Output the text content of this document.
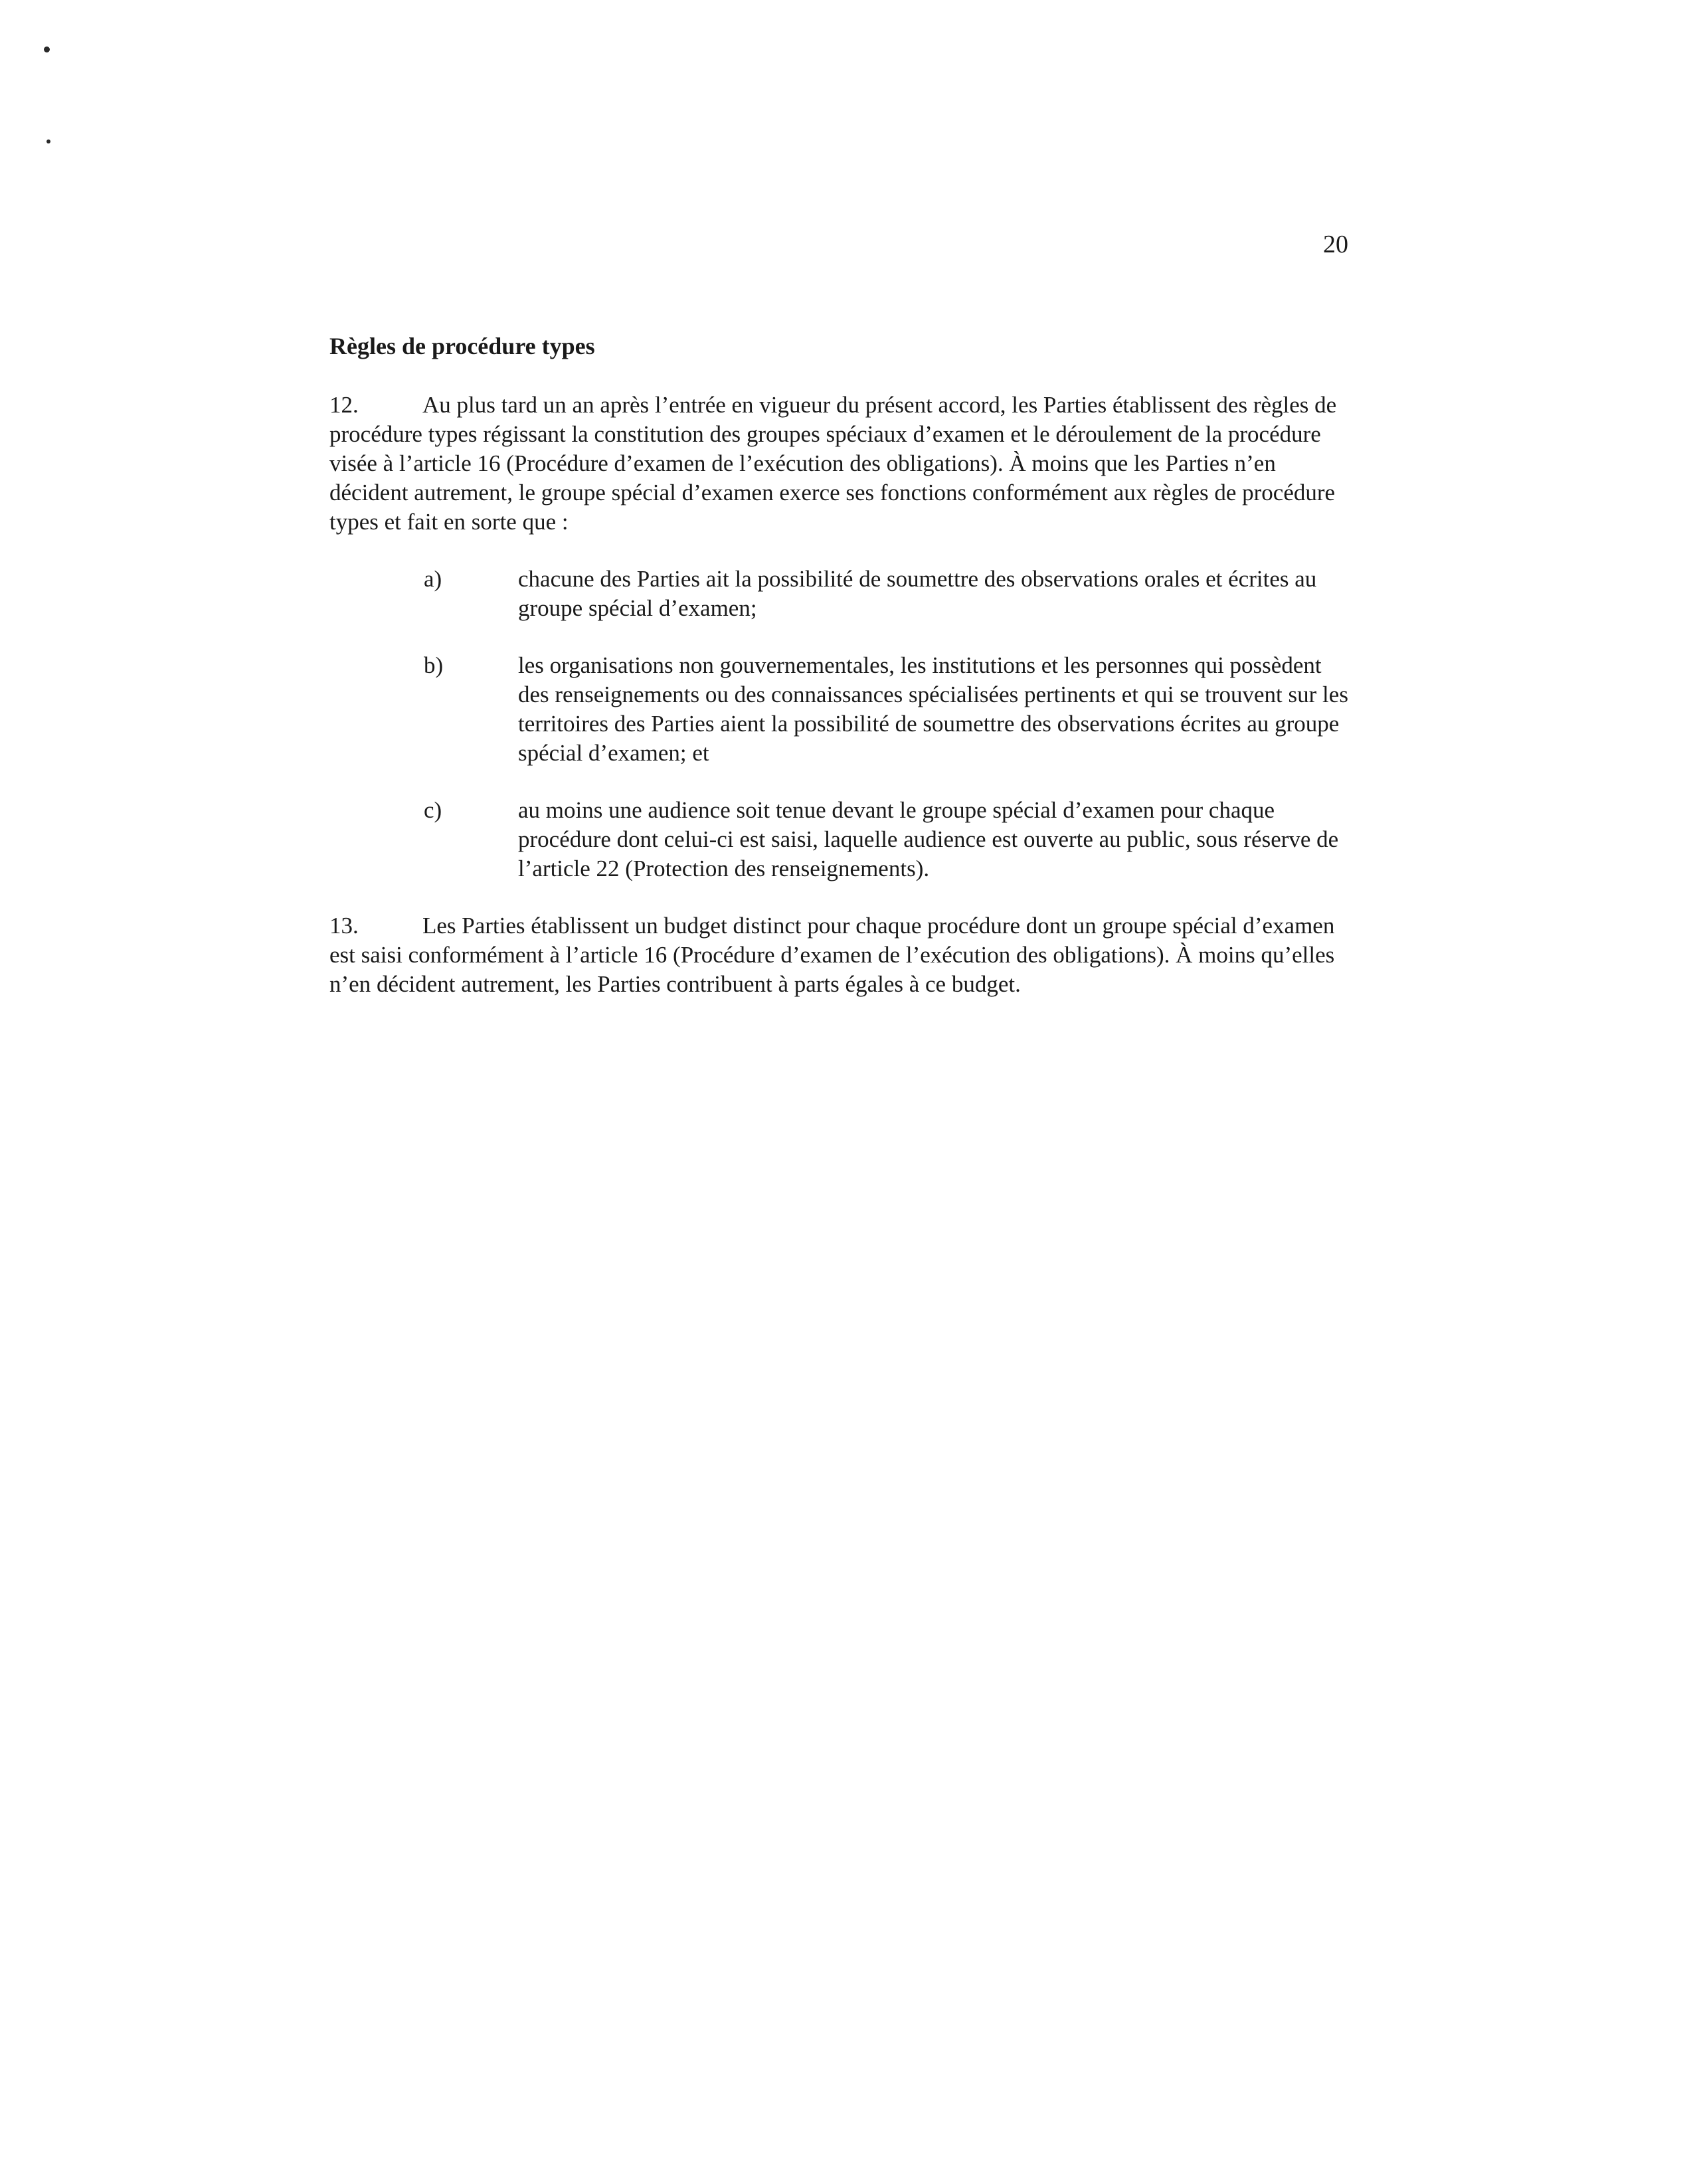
20
Règles de procédure types

12.	Au plus tard un an après l’entrée en vigueur du présent accord, les Parties établissent des règles de procédure types régissant la constitution des groupes spéciaux d’examen et le déroulement de la procédure visée à l’article 16 (Procédure d’examen de l’exécution des obligations). À moins que les Parties n’en décident autrement, le groupe spécial d’examen exerce ses fonctions conformément aux règles de procédure types et fait en sorte que :

a)	chacune des Parties ait la possibilité de soumettre des observations orales et écrites au groupe spécial d’examen;
b)	les organisations non gouvernementales, les institutions et les personnes qui possèdent des renseignements ou des connaissances spécialisées pertinents et qui se trouvent sur les territoires des Parties aient la possibilité de soumettre des observations écrites au groupe spécial d’examen; et
c)	au moins une audience soit tenue devant le groupe spécial d’examen pour chaque procédure dont celui-ci est saisi, laquelle audience est ouverte au public, sous réserve de l’article 22 (Protection des renseignements).

13.	Les Parties établissent un budget distinct pour chaque procédure dont un groupe spécial d’examen est saisi conformément à l’article 16 (Procédure d’examen de l’exécution des obligations). À moins qu’elles n’en décident autrement, les Parties contribuent à parts égales à ce budget.
